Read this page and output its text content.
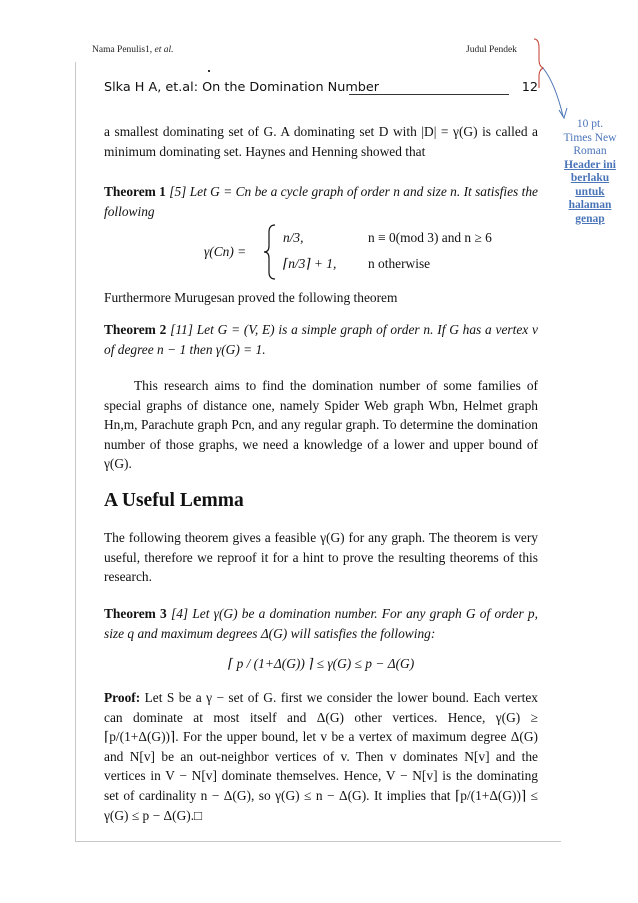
Nama Penulis1, et al.	Judul Pendek
10 pt.
Times New
Roman
Header ini
berlaku
untuk
halaman
genap
Slka H A, et.al: On the Domination Number	12

a smallest dominating set of G. A dominating set D with |D| = γ(G) is called a minimum dominating set. Haynes and Henning showed that

Theorem 1 [5] Let G = Cn be a cycle graph of order n and size n. It satisfies the following

γ(Cn) =
n/3,	n ≡ 0(mod 3) and n ≥ 6
⌈n/3⌉ + 1, n otherwise

Furthermore Murugesan proved the following theorem

Theorem 2 [11] Let G = (V, E) is a simple graph of order n. If G has a vertex v of degree n − 1 then γ(G) = 1.

This research aims to find the domination number of some families of special graphs of distance one, namely Spider Web graph Wbn, Helmet graph Hn,m, Parachute graph Pcn, and any regular graph. To determine the domination number of those graphs, we need a knowledge of a lower and upper bound of γ(G).

A Useful Lemma

The following theorem gives a feasible γ(G) for any graph. The theorem is very useful, therefore we reproof it for a hint to prove the resulting theorems of this research.

Theorem 3 [4] Let γ(G) be a domination number. For any graph G of order p, size q and maximum degrees Δ(G) will satisfies the following:

⌈ p / (1+Δ(G)) ⌉ ≤ γ(G) ≤ p − Δ(G)

Proof: Let S be a γ − set of G. first we consider the lower bound. Each vertex can dominate at most itself and Δ(G) other vertices. Hence, γ(G) ≥ ⌈p/(1+Δ(G))⌉. For the upper bound, let v be a vertex of maximum degree Δ(G) and N[v] be an out-neighbor vertices of v. Then v dominates N[v] and the vertices in V − N[v] dominate themselves. Hence, V − N[v] is the dominating set of cardinality n − Δ(G), so γ(G) ≤ n − Δ(G). It implies that ⌈p/(1+Δ(G))⌉ ≤ γ(G) ≤ p − Δ(G).□
